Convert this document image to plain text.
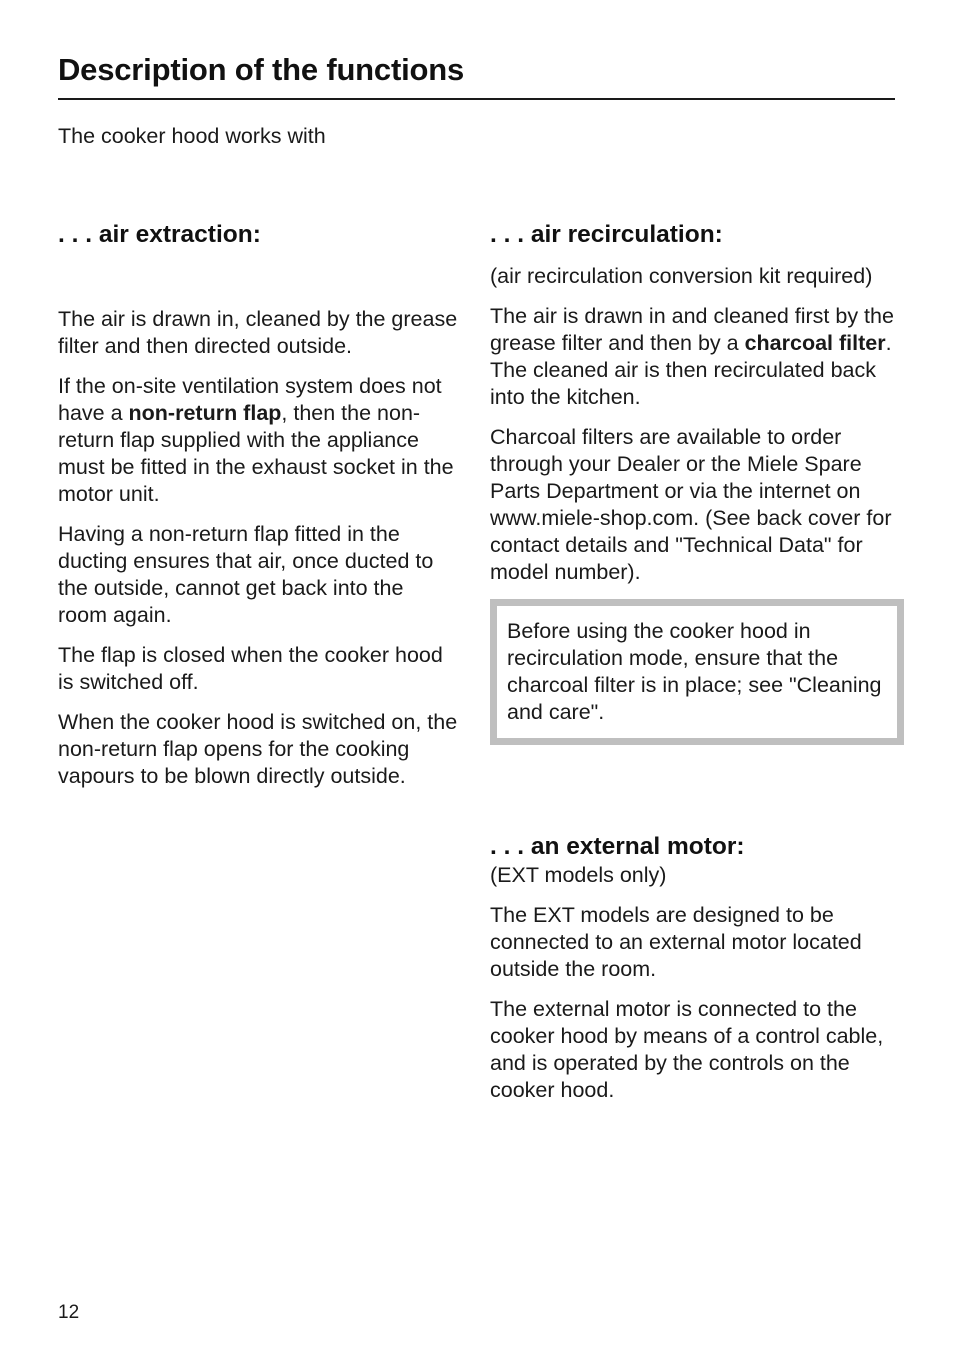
Description of the functions

The cooker hood works with

. . . air extraction:

The air is drawn in, cleaned by the grease filter and then directed outside.

If the on-site ventilation system does not have a non-return flap, then the non-return flap supplied with the appliance must be fitted in the exhaust socket in the motor unit.

Having a non-return flap fitted in the ducting ensures that air, once ducted to the outside, cannot get back into the room again.

The flap is closed when the cooker hood is switched off.

When the cooker hood is switched on, the non-return flap opens for the cooking vapours to be blown directly outside.

. . . air recirculation:

(air recirculation conversion kit required)

The air is drawn in and cleaned first by the grease filter and then by a charcoal filter. The cleaned air is then recirculated back into the kitchen.

Charcoal filters are available to order through your Dealer or the Miele Spare Parts Department or via the internet on www.miele-shop.com. (See back cover for contact details and "Technical Data" for model number).

Before using the cooker hood in recirculation mode, ensure that the charcoal filter is in place; see "Cleaning and care".

. . . an external motor:

(EXT models only)

The EXT models are designed to be connected to an external motor located outside the room.

The external motor is connected to the cooker hood by means of a control cable, and is operated by the controls on the cooker hood.

12
